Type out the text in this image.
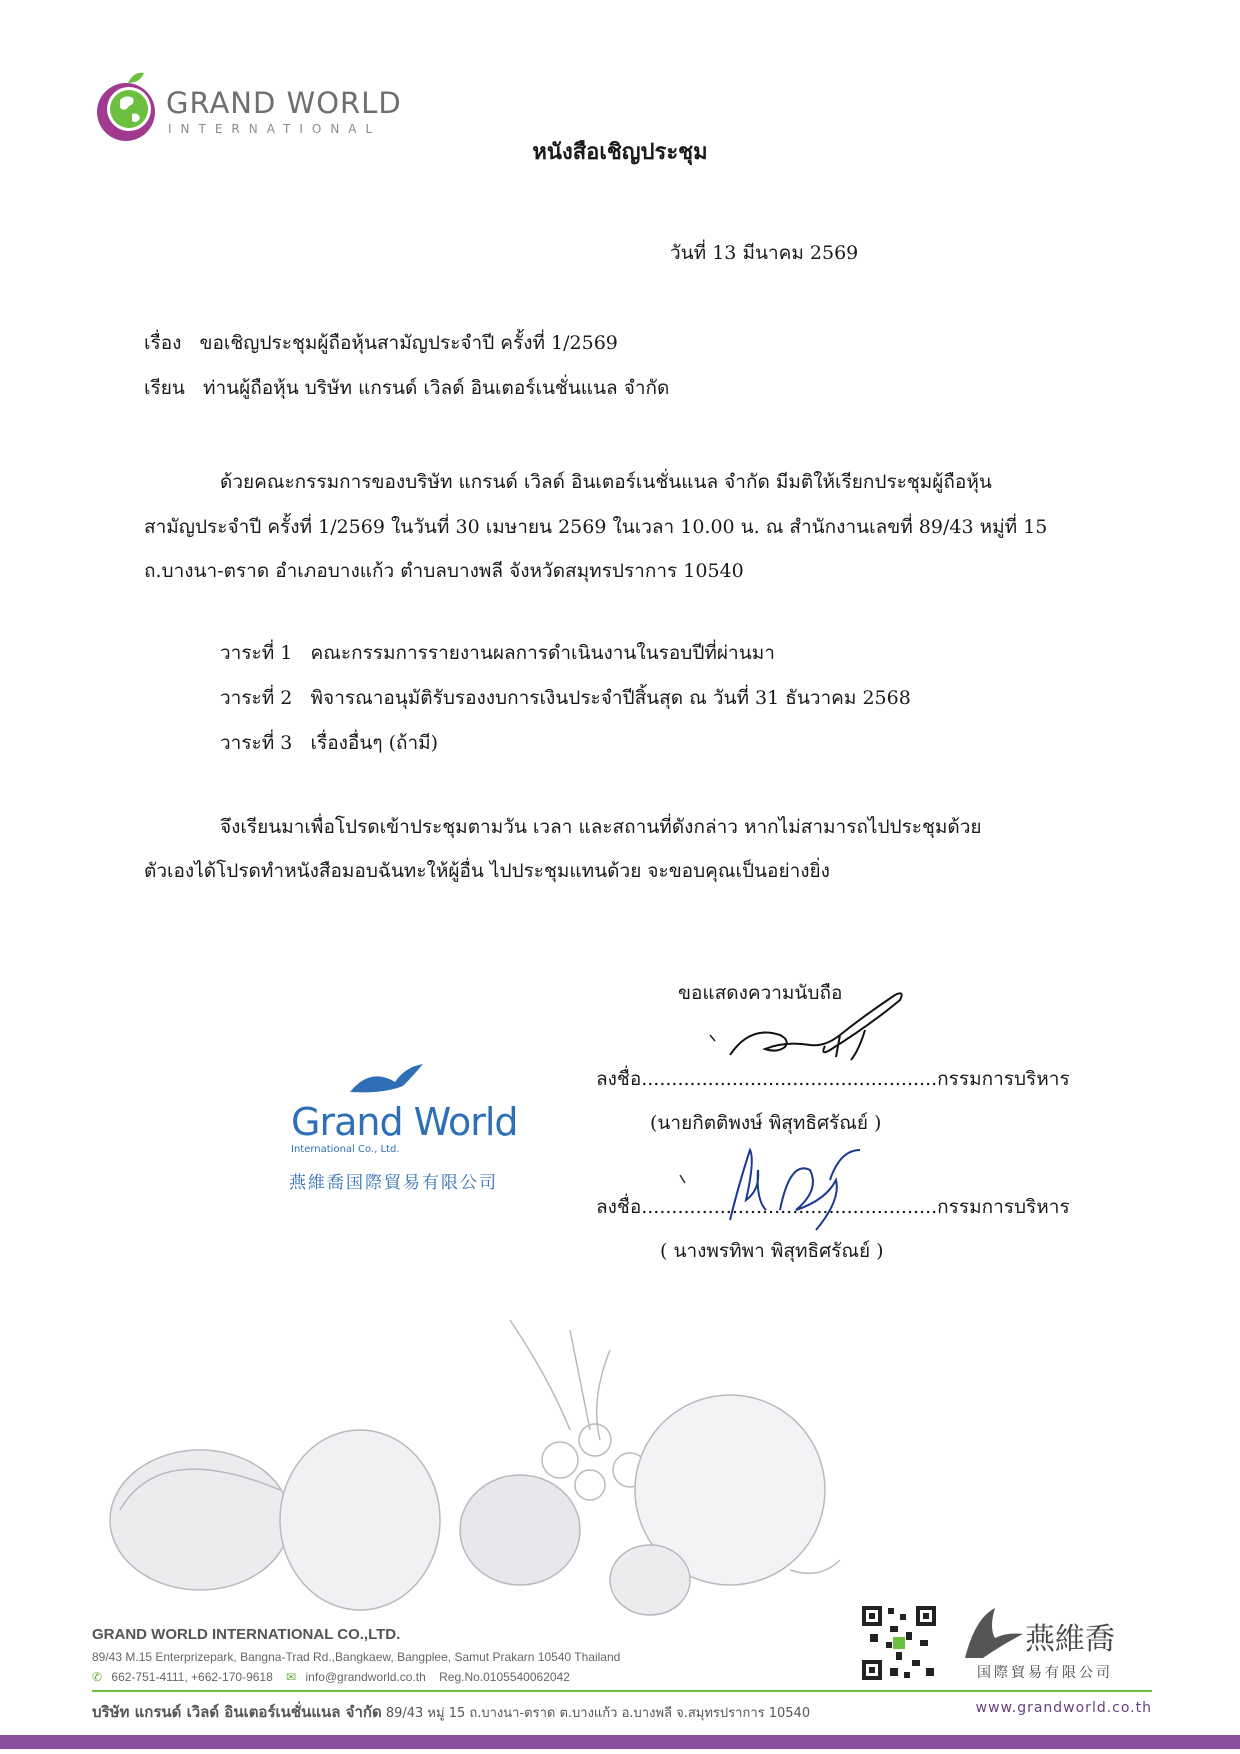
GRAND WORLD
INTERNATIONAL
หนังสือเชิญประชุม
วันที่ 13 มีนาคม 2569
เรื่อง ขอเชิญประชุมผู้ถือหุ้นสามัญประจำปี ครั้งที่ 1/2569
เรียน ท่านผู้ถือหุ้น บริษัท แกรนด์ เวิลด์ อินเตอร์เนชั่นแนล จำกัด
ด้วยคณะกรรมการของบริษัท แกรนด์ เวิลด์ อินเตอร์เนชั่นแนล จำกัด มีมติให้เรียกประชุมผู้ถือหุ้น
สามัญประจำปี ครั้งที่ 1/2569 ในวันที่ 30 เมษายน 2569 ในเวลา 10.00 น. ณ สำนักงานเลขที่ 89/43 หมู่ที่ 15
ถ.บางนา-ตราด อำเภอบางแก้ว ตำบลบางพลี จังหวัดสมุทรปราการ 10540
วาระที่ 1 คณะกรรมการรายงานผลการดำเนินงานในรอบปีที่ผ่านมา
วาระที่ 2 พิจารณาอนุมัติรับรองงบการเงินประจำปีสิ้นสุด ณ วันที่ 31 ธันวาคม 2568
วาระที่ 3 เรื่องอื่นๆ (ถ้ามี)
จึงเรียนมาเพื่อโปรดเข้าประชุมตามวัน เวลา และสถานที่ดังกล่าว หากไม่สามารถไปประชุมด้วย
ตัวเองได้โปรดทำหนังสือมอบฉันทะให้ผู้อื่น ไปประชุมแทนด้วย จะขอบคุณเป็นอย่างยิ่ง
ขอแสดงความนับถือ
ลงชื่อ.................................................กรรมการบริหาร
(นายกิตติพงษ์ พิสุทธิศรัณย์ )
ลงชื่อ.................................................กรรมการบริหาร
( นางพรทิพา พิสุทธิศรัณย์ )
Grand World
International Co., Ltd.
燕維喬国際貿易有限公司
GRAND WORLD INTERNATIONAL CO.,LTD.
89/43 M.15 Enterprizepark, Bangna-Trad Rd.,Bangkaew, Bangplee, Samut Prakarn 10540 Thailand
✆ 662-751-4111, +662-170-9618 ✉ info@grandworld.co.th Reg.No.0105540062042
บริษัท แกรนด์ เวิลด์ อินเตอร์เนชั่นแนล จำกัด 89/43 หมู่ 15 ถ.บางนา-ตราด ต.บางแก้ว อ.บางพลี จ.สมุทรปราการ 10540	www.grandworld.co.th
燕維喬
国際貿易有限公司
